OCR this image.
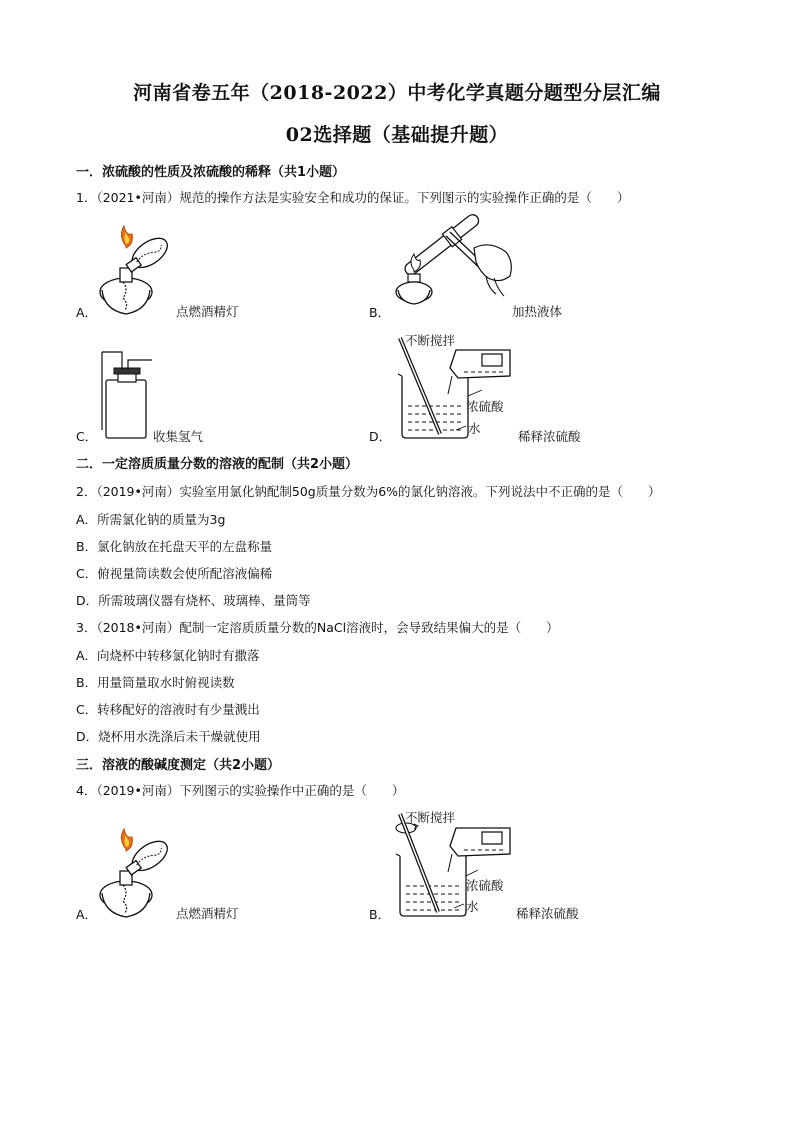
河南省卷五年（2018-2022）中考化学真题分题型分层汇编
02选择题（基础提升题）
一．浓硫酸的性质及浓硫酸的稀释（共1小题）
1．（2021•河南）规范的操作方法是实验安全和成功的保证。下列图示的实验操作正确的是（　　）
A．	点燃酒精灯	B．	加热液体
C．	收集氢气
不断搅拌
浓硫酸
水
D．	稀释浓硫酸
二．一定溶质质量分数的溶液的配制（共2小题）
2．（2019•河南）实验室用氯化钠配制50g质量分数为6%的氯化钠溶液。下列说法中不正确的是（　　）
A．所需氯化钠的质量为3g
B．氯化钠放在托盘天平的左盘称量
C．俯视量筒读数会使所配溶液偏稀
D．所需玻璃仪器有烧杯、玻璃棒、量筒等
3．（2018•河南）配制一定溶质质量分数的NaCl溶液时，会导致结果偏大的是（　　）
A．向烧杯中转移氯化钠时有撒落
B．用量筒量取水时俯视读数
C．转移配好的溶液时有少量溅出
D．烧杯用水洗涤后未干燥就使用
三．溶液的酸碱度测定（共2小题）
4．（2019•河南）下列图示的实验操作中正确的是（　　）
A．	点燃酒精灯
不断搅拌
浓硫酸
水
B．	稀释浓硫酸
